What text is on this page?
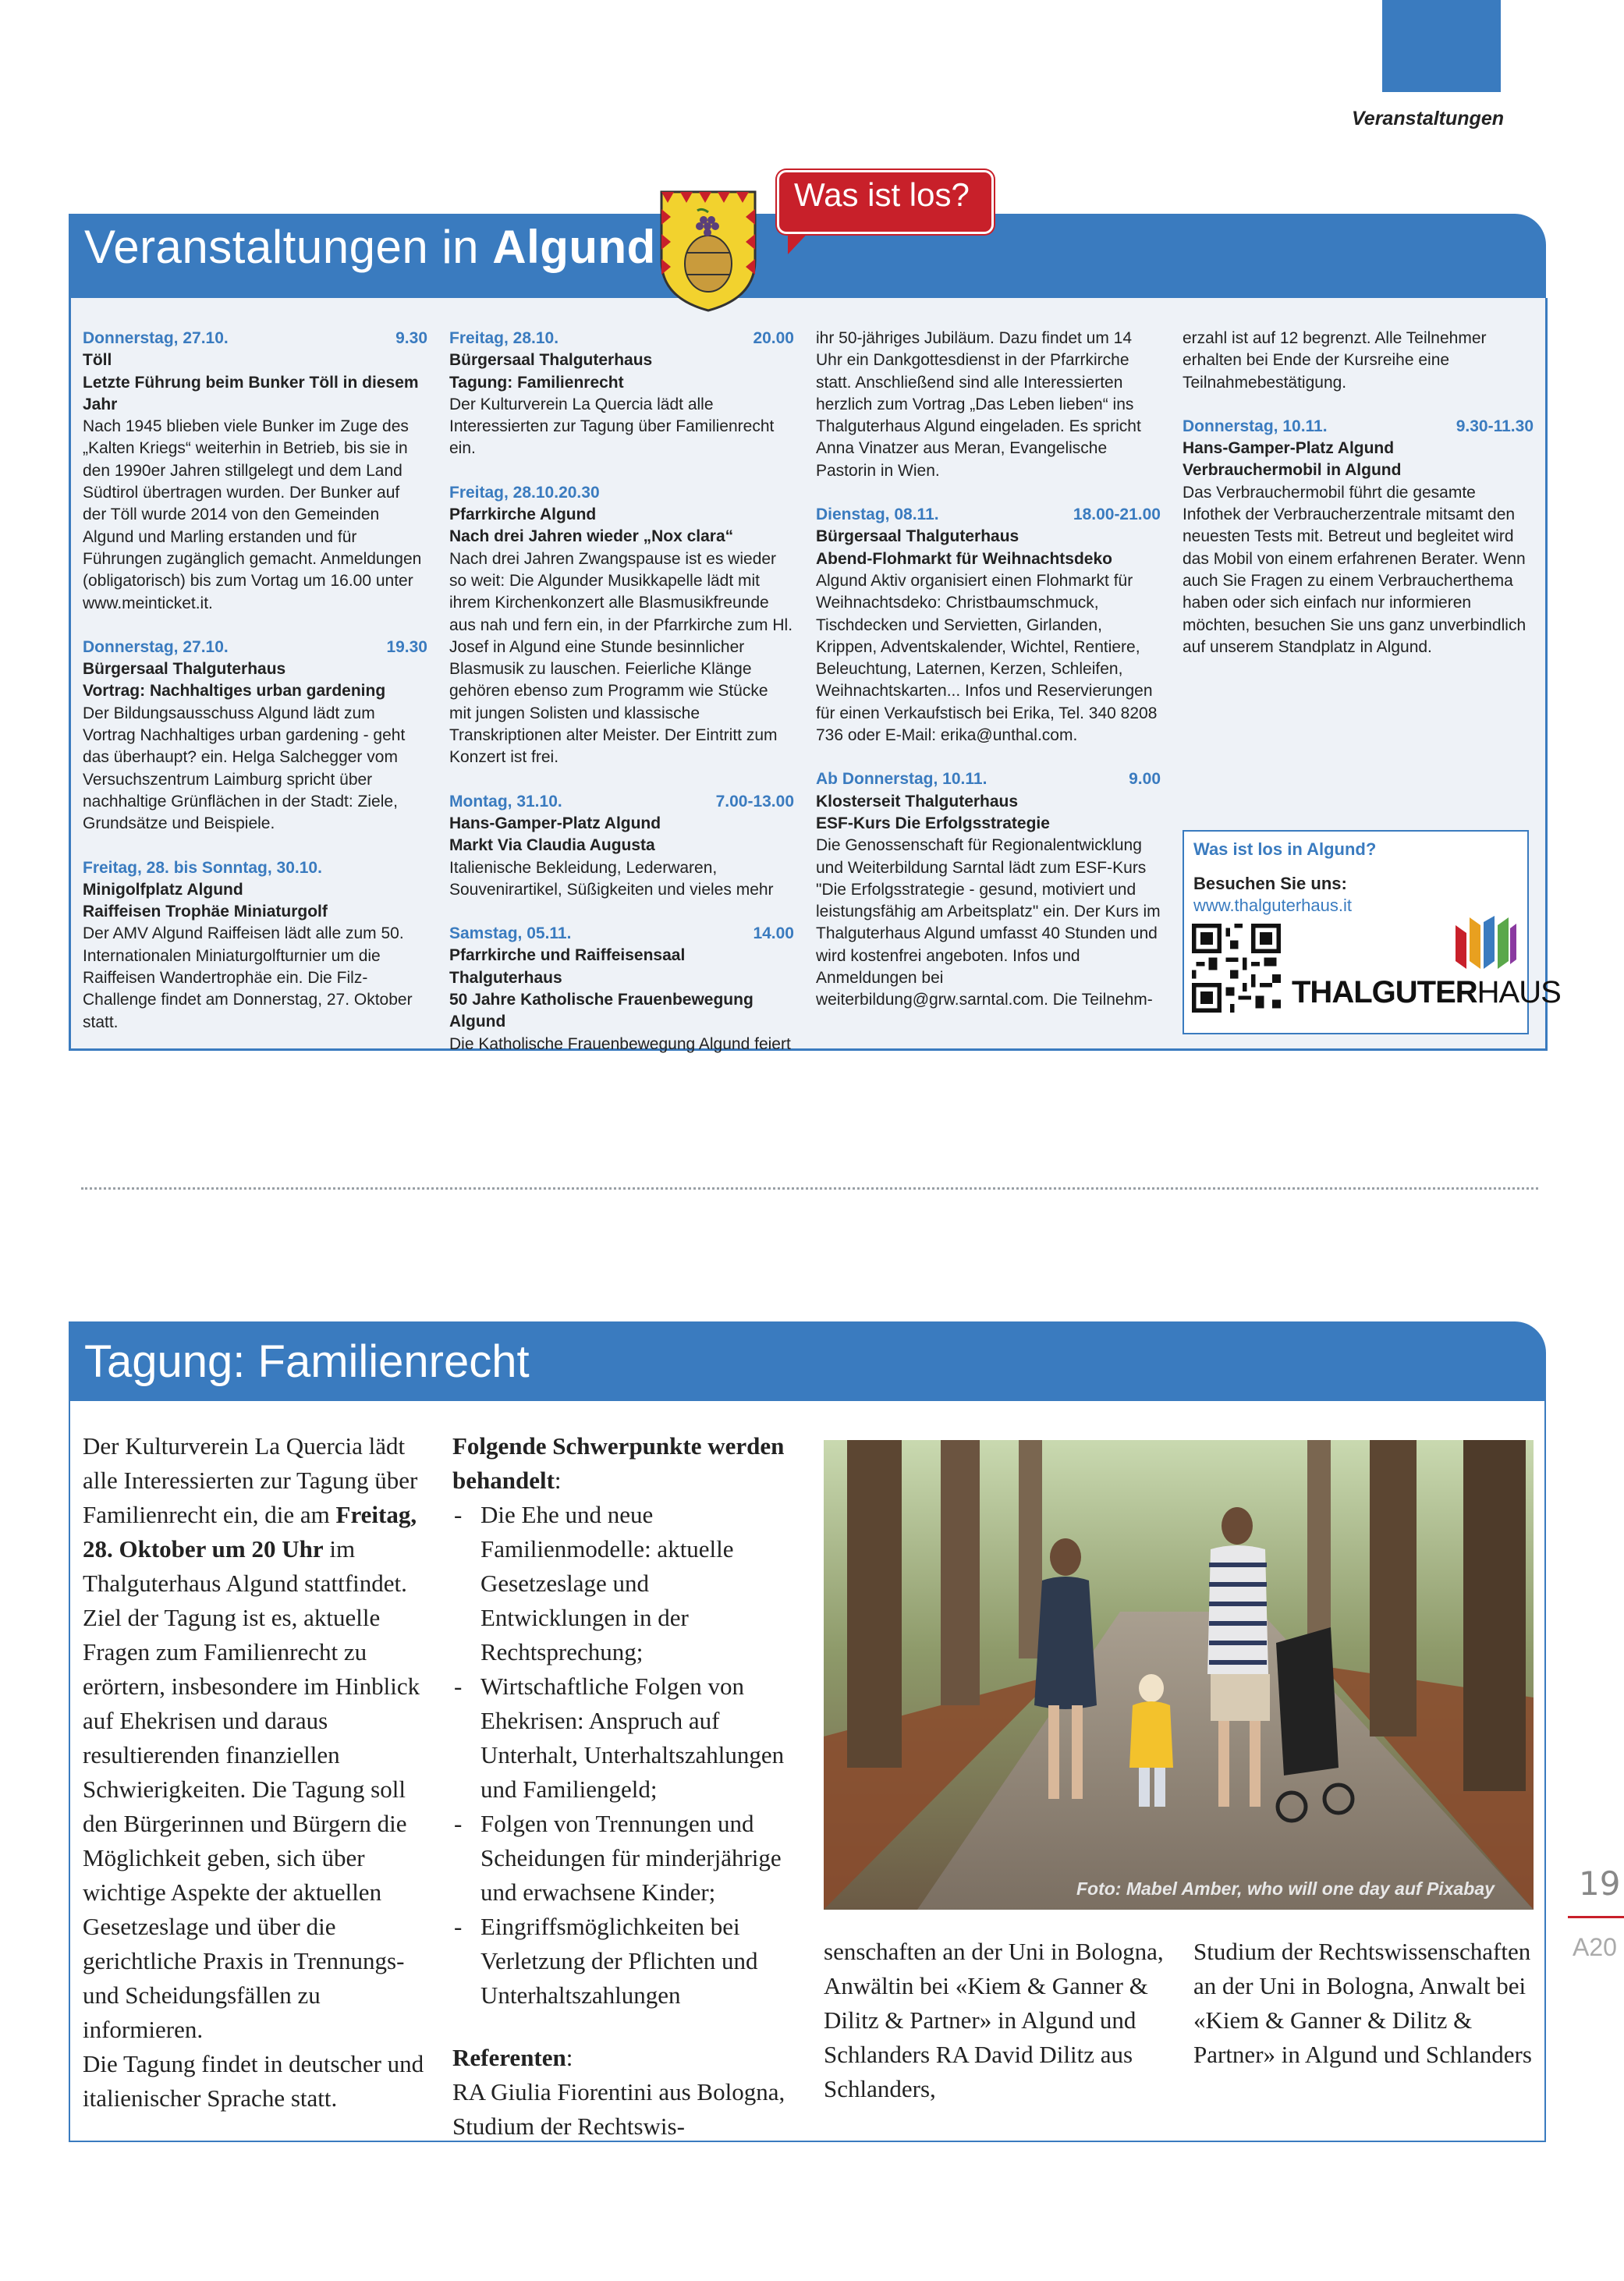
Veranstaltungen
Veranstaltungen in Algund
Was ist los?
Donnerstag, 27.10.	9.30
Töll
Letzte Führung beim Bunker Töll in diesem Jahr
Nach 1945 blieben viele Bunker im Zuge des „Kalten Kriegs“ weiterhin in Betrieb, bis sie in den 1990er Jahren stillgelegt und dem Land Südtirol übertragen wurden. Der Bunker auf der Töll wurde 2014 von den Gemeinden Algund und Marling erstanden und für Führungen zugänglich gemacht. Anmeldungen (obligatorisch) bis zum Vortag um 16.00 unter www.meinticket.it.
Donnerstag, 27.10.	19.30
Bürgersaal Thalguterhaus
Vortrag: Nachhaltiges urban gardening
Der Bildungsausschuss Algund lädt zum Vortrag Nachhaltiges urban gardening - geht das überhaupt? ein. Helga Salchegger vom Versuchszentrum Laimburg spricht über nachhaltige Grünflächen in der Stadt: Ziele, Grundsätze und Beispiele.
Freitag, 28. bis Sonntag, 30.10.
Minigolfplatz Algund
Raiffeisen Trophäe Miniaturgolf
Der AMV Algund Raiffeisen lädt alle zum 50. Internationalen Miniaturgolfturnier um die Raiffeisen Wandertrophäe ein. Die Filz-Challenge findet am Donnerstag, 27. Oktober statt.
Freitag, 28.10.	20.00
Bürgersaal Thalguterhaus
Tagung: Familienrecht
Der Kulturverein La Quercia lädt alle Interessierten zur Tagung über Familienrecht ein.
Freitag, 28.10.20.30
Pfarrkirche Algund
Nach drei Jahren wieder „Nox clara“
Nach drei Jahren Zwangspause ist es wieder so weit: Die Algunder Musikkapelle lädt mit ihrem Kirchenkonzert alle Blasmusikfreunde aus nah und fern ein, in der Pfarrkirche zum Hl. Josef in Algund eine Stunde besinnlicher Blasmusik zu lauschen. Feierliche Klänge gehören ebenso zum Programm wie Stücke mit jungen Solisten und klassische Transkriptionen alter Meister. Der Eintritt zum Konzert ist frei.
Montag, 31.10.	7.00-13.00
Hans-Gamper-Platz Algund
Markt Via Claudia Augusta
Italienische Bekleidung, Lederwaren, Souvenirartikel, Süßigkeiten und vieles mehr
Samstag, 05.11.	14.00
Pfarrkirche und Raiffeisensaal Thalguterhaus
50 Jahre Katholische Frauenbewegung Algund
Die Katholische Frauenbewegung Algund feiert
ihr 50-jähriges Jubiläum. Dazu findet um 14 Uhr ein Dankgottesdienst in der Pfarrkirche statt. Anschließend sind alle Interessierten herzlich zum Vortrag „Das Leben lieben“ ins Thalguterhaus Algund eingeladen. Es spricht Anna Vinatzer aus Meran, Evangelische Pastorin in Wien.
Dienstag, 08.11.	18.00-21.00
Bürgersaal Thalguterhaus
Abend-Flohmarkt für Weihnachtsdeko
Algund Aktiv organisiert einen Flohmarkt für Weihnachtsdeko: Christbaumschmuck, Tischdecken und Servietten, Girlanden, Krippen, Adventskalender, Wichtel, Rentiere, Beleuchtung, Laternen, Kerzen, Schleifen, Weihnachtskarten... Infos und Reservierungen für einen Verkaufstisch bei Erika, Tel. 340 8208 736 oder E-Mail: erika@unthal.com.
Ab Donnerstag, 10.11.	9.00
Klosterseit Thalguterhaus
ESF-Kurs Die Erfolgsstrategie
Die Genossenschaft für Regionalentwicklung und Weiterbildung Sarntal lädt zum ESF-Kurs "Die Erfolgsstrategie - gesund, motiviert und leistungsfähig am Arbeitsplatz" ein. Der Kurs im Thalguterhaus Algund umfasst 40 Stunden und wird kostenfrei angeboten. Infos und Anmeldungen bei weiterbildung@grw.sarntal.com. Die Teilnehm-
erzahl ist auf 12 begrenzt. Alle Teilnehmer erhalten bei Ende der Kursreihe eine Teilnahmebestätigung.
Donnerstag, 10.11.	9.30-11.30
Hans-Gamper-Platz Algund
Verbrauchermobil in Algund
Das Verbrauchermobil führt die gesamte Infothek der Verbraucherzentrale mitsamt den neuesten Tests mit. Betreut und begleitet wird das Mobil von einem erfahrenen Berater. Wenn auch Sie Fragen zu einem Verbraucherthema haben oder sich einfach nur informieren möchten, besuchen Sie uns ganz unverbindlich auf unserem Standplatz in Algund.
Was ist los in Algund?
Besuchen Sie uns:
www.thalguterhaus.it
THALGUTERHAUS
Tagung: Familienrecht
Der Kulturverein La Quercia lädt alle Interessierten zur Tagung über Familienrecht ein, die am Freitag, 28. Oktober um 20 Uhr im Thalguterhaus Algund stattfindet. Ziel der Tagung ist es, aktuelle Fragen zum Familienrecht zu erörtern, insbesondere im Hinblick auf Ehekrisen und daraus resultierenden finanziellen Schwierigkeiten. Die Tagung soll den Bürgerinnen und Bürgern die Möglichkeit geben, sich über wichtige Aspekte der aktuellen Gesetzeslage und über die gerichtliche Praxis in Trennungs- und Scheidungsfällen zu informieren.
Die Tagung findet in deutscher und italienischer Sprache statt.
Folgende Schwerpunkte werden behandelt:
- Die Ehe und neue Familienmodelle: aktuelle Gesetzeslage und Entwicklungen in der Rechtsprechung;
- Wirtschaftliche Folgen von Ehekrisen: Anspruch auf Unterhalt, Unterhaltszahlungen und Familiengeld;
- Folgen von Trennungen und Scheidungen für minderjährige und erwachsene Kinder;
- Eingriffsmöglichkeiten bei Verletzung der Pflichten und Unterhaltszahlungen
Referenten:
RA Giulia Fiorentini aus Bologna, Studium der Rechtswis-
Foto: Mabel Amber, who will one day auf Pixabay
senschaften an der Uni in Bologna, Anwältin bei «Kiem & Ganner & Dilitz & Partner» in Algund und Schlanders RA David Dilitz aus Schlanders,
Studium der Rechtswissenschaften an der Uni in Bologna, Anwalt bei «Kiem & Ganner & Dilitz & Partner» in Algund und Schlanders
19
A20
